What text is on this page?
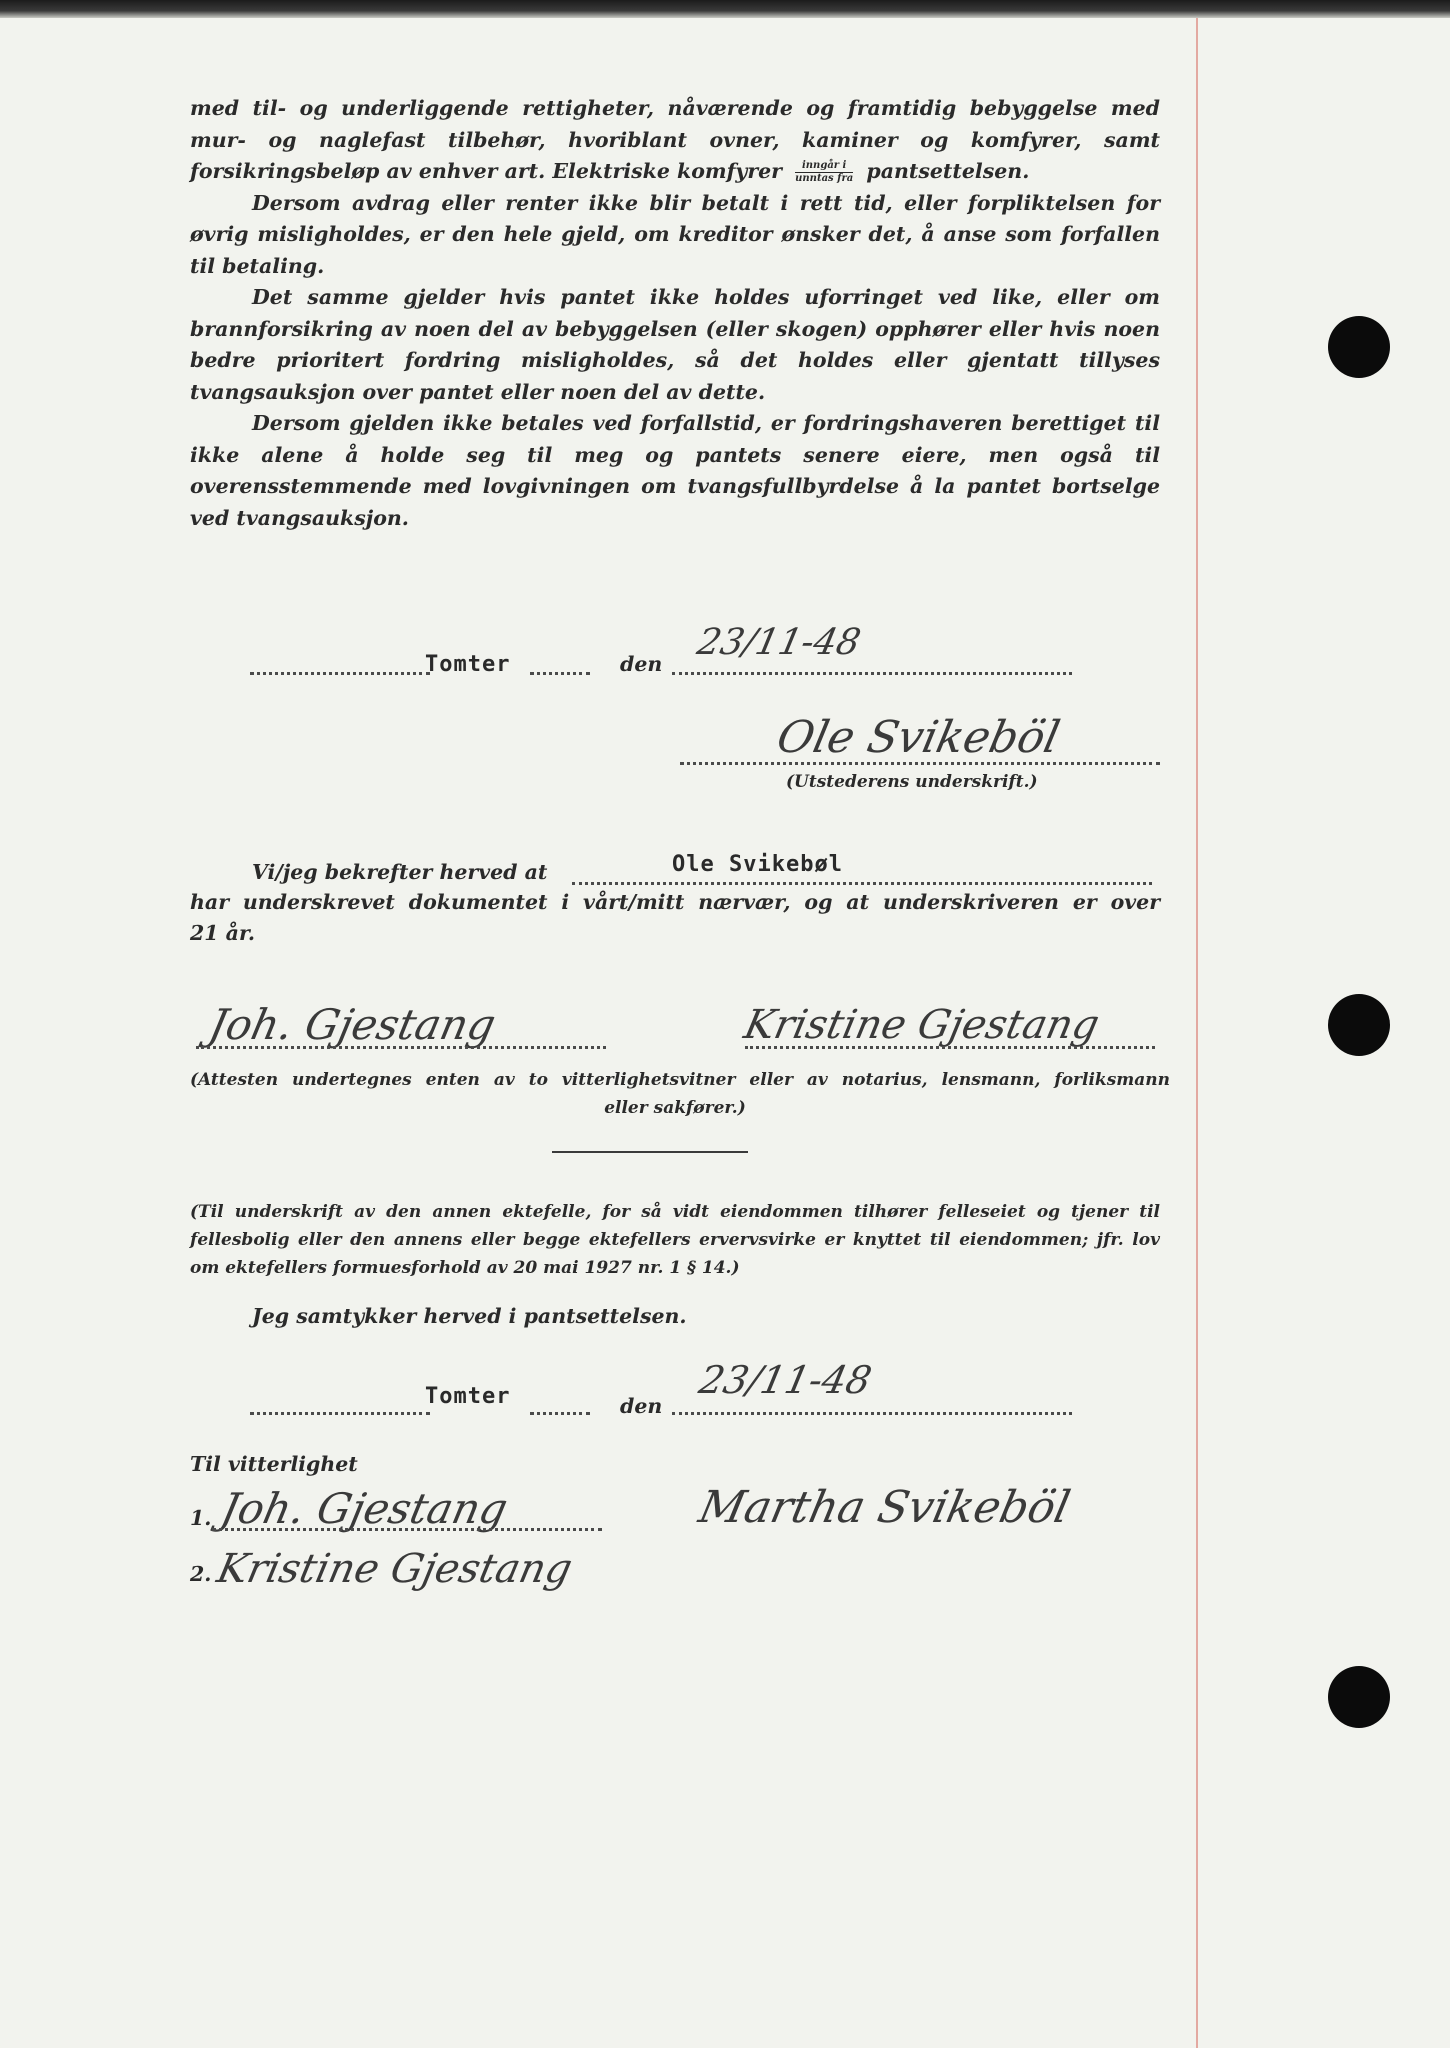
med til- og underliggende rettigheter, nåværende og framtidig bebyggelse med mur- og naglefast tilbehør, hvoriblant ovner, kaminer og komfyrer, samt forsikringsbeløp av enhver art. Elektriske komfyrer $\frac{\text{inngår i}}{\text{unntas fra}}$ pantsettelsen.

Dersom avdrag eller renter ikke blir betalt i rett tid, eller forpliktelsen for øvrig misligholdes, er den hele gjeld, om kreditor ønsker det, å anse som forfallen til betaling.

Det samme gjelder hvis pantet ikke holdes uforringet ved like, eller om brannforsikring av noen del av bebyggelsen (eller skogen) opphører eller hvis noen bedre prioritert fordring misligholdes, så det holdes eller gjentatt tillyses tvangsauksjon over pantet eller noen del av dette.

Dersom gjelden ikke betales ved forfallstid, er fordringshaveren berettiget til ikke alene å holde seg til meg og pantets senere eiere, men også til overensstemmende med lovgivningen om tvangsfullbyrdelse å la pantet bortselge ved tvangsauksjon.

Tomter	den
23/11-48
Ole Svikeböl
(Utstederens underskrift.)
Vi/jeg bekrefter herved at	Ole Svikebøl
har underskrevet dokumentet i vårt/mitt nærvær, og at underskriveren er over
21 år.
Joh. Gjestang	Kristine Gjestang
(Attesten undertegnes enten av to vitterlighetsvitner eller av notarius, lensmann, forliksmann
eller sakfører.)

(Til underskrift av den annen ektefelle, for så vidt eiendommen tilhører felleseiet og tjener til fellesbolig eller den annens eller begge ektefellers ervervsvirke er knyttet til eiendommen; jfr. lov om ektefellers formuesforhold av 20 mai 1927 nr. 1 § 14.)

Jeg samtykker herved i pantsettelsen.
Tomter	den
23/11-48
Til vitterlighet
1. Joh. Gjestang
2. Kristine Gjestang
Martha Svikeböl
